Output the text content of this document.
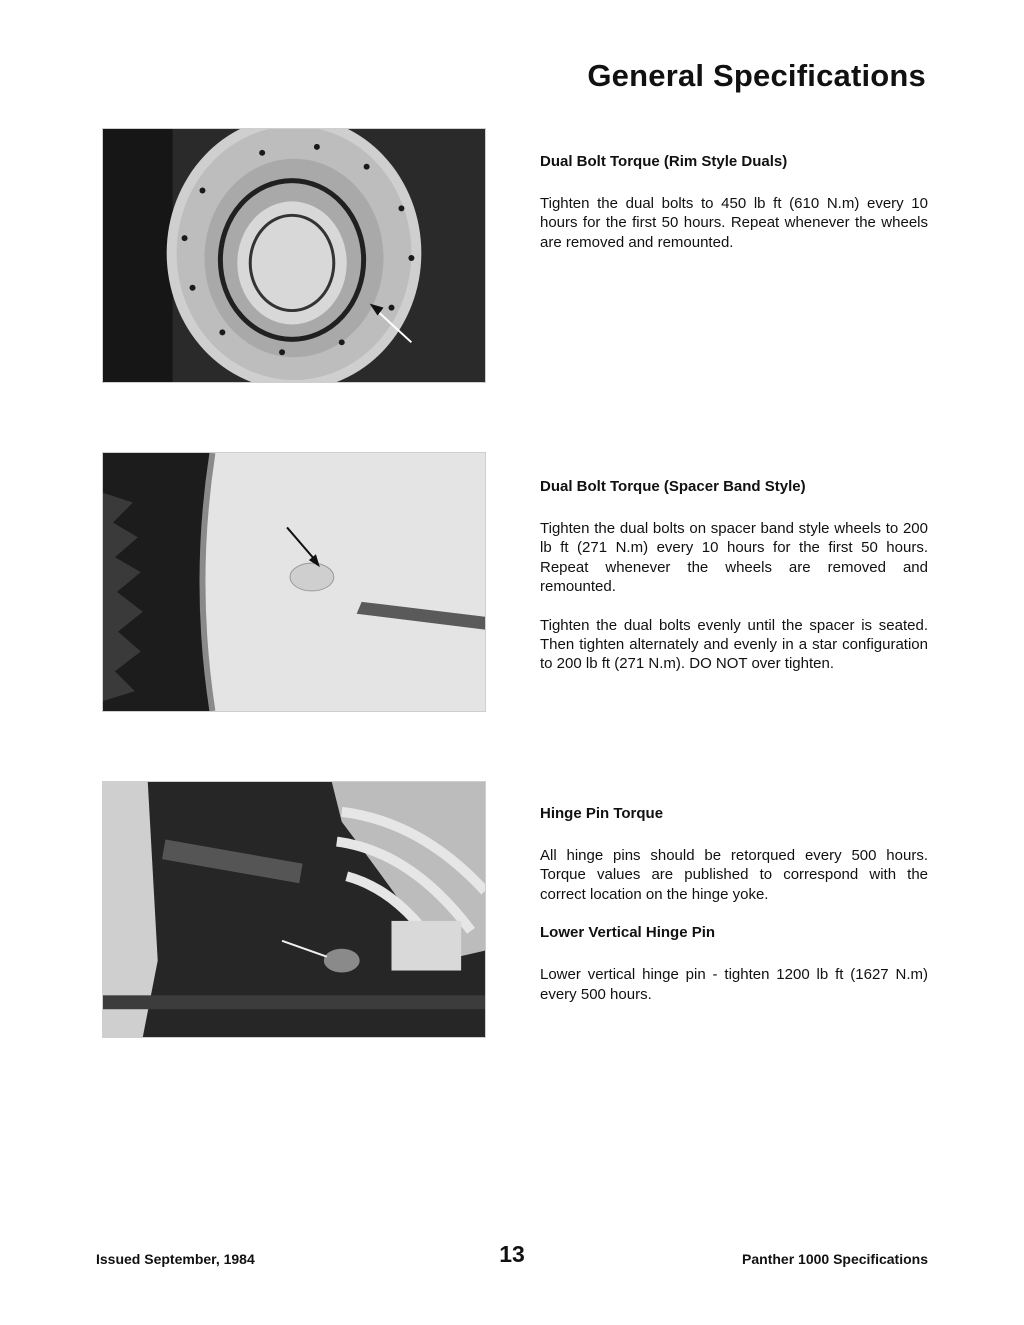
General Specifications

Dual Bolt Torque (Rim Style Duals)

Tighten the dual bolts to 450 lb ft (610 N.m) every 10 hours for the first 50 hours. Repeat whenever the wheels are removed and remounted.

Dual Bolt Torque (Spacer Band Style)

Tighten the dual bolts on spacer band style wheels to 200 lb ft (271 N.m) every 10 hours for the first 50 hours. Repeat whenever the wheels are removed and remounted.

Tighten the dual bolts evenly until the spacer is seated. Then tighten alternately and evenly in a star configuration to 200 lb ft (271 N.m). DO NOT over tighten.

Hinge Pin Torque

All hinge pins should be retorqued every 500 hours. Torque values are published to correspond with the correct location on the hinge yoke.

Lower Vertical Hinge Pin

Lower vertical hinge pin - tighten 1200 lb ft (1627 N.m) every 500 hours.

Issued September, 1984	13	Panther 1000 Specifications
